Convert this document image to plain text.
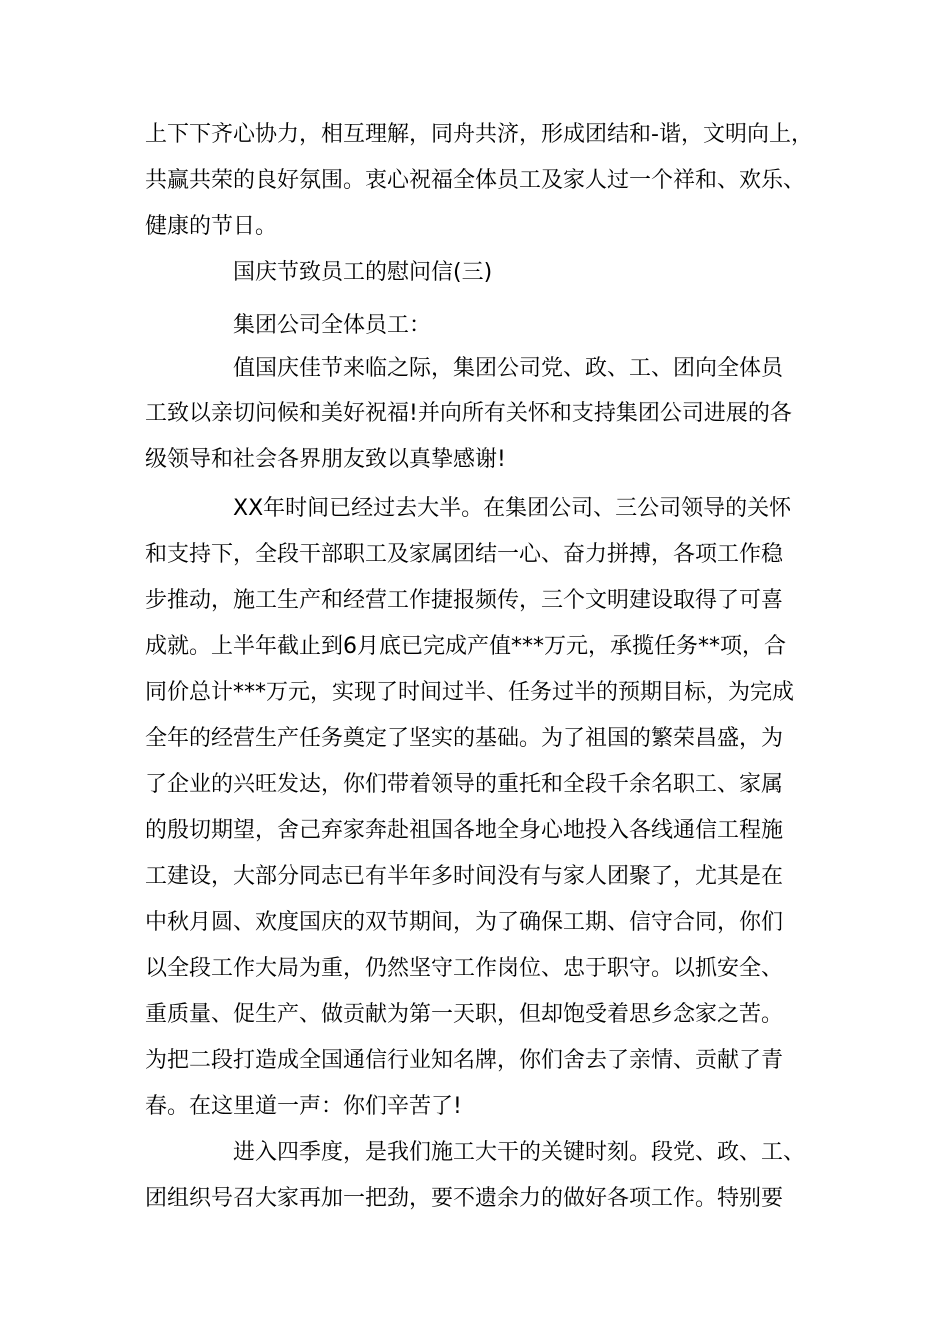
上下下齐心协力，相互理解，同舟共济，形成团结和-谐，文明向上，
共赢共荣的良好氛围。衷心祝福全体员工及家人过一个祥和、欢乐、
健康的节日。
国庆节致员工的慰问信(三)
集团公司全体员工：
值国庆佳节来临之际，集团公司党、政、工、团向全体员
工致以亲切问候和美好祝福!并向所有关怀和支持集团公司进展的各
级领导和社会各界朋友致以真挚感谢!
XX年时间已经过去大半。在集团公司、三公司领导的关怀
和支持下，全段干部职工及家属团结一心、奋力拼搏，各项工作稳
步推动，施工生产和经营工作捷报频传，三个文明建设取得了可喜
成就。上半年截止到6月底已完成产值***万元，承揽任务**项，合
同价总计***万元，实现了时间过半、任务过半的预期目标，为完成
全年的经营生产任务奠定了坚实的基础。为了祖国的繁荣昌盛，为
了企业的兴旺发达，你们带着领导的重托和全段千余名职工、家属
的殷切期望，舍己弃家奔赴祖国各地全身心地投入各线通信工程施
工建设，大部分同志已有半年多时间没有与家人团聚了，尤其是在
中秋月圆、欢度国庆的双节期间，为了确保工期、信守合同，你们
以全段工作大局为重，仍然坚守工作岗位、忠于职守。以抓安全、
重质量、促生产、做贡献为第一天职，但却饱受着思乡念家之苦。
为把二段打造成全国通信行业知名牌，你们舍去了亲情、贡献了青
春。在这里道一声：你们辛苦了!
进入四季度，是我们施工大干的关键时刻。段党、政、工、
团组织号召大家再加一把劲，要不遗余力的做好各项工作。特别要
